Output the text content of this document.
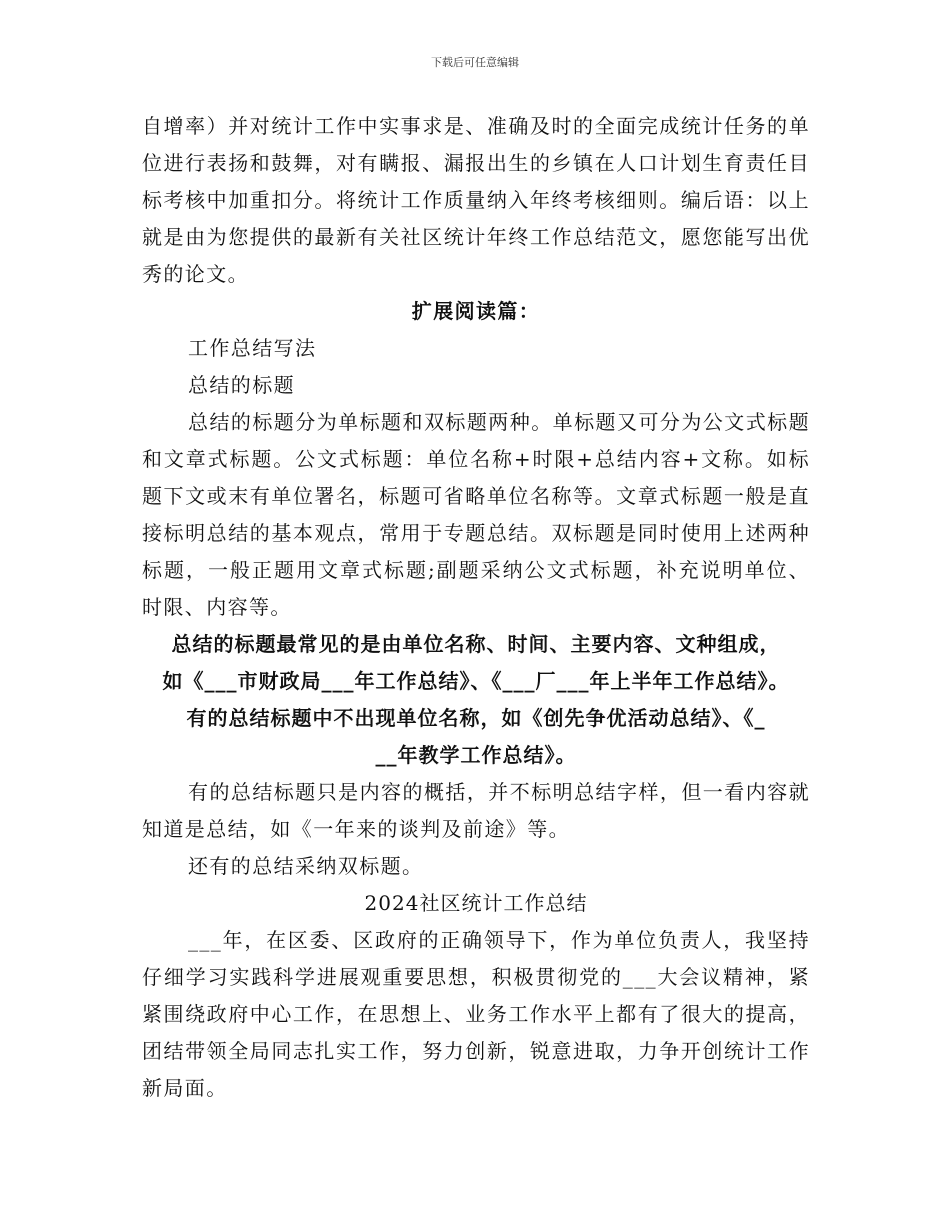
下载后可任意编辑

自增率）并对统计工作中实事求是、准确及时的全面完成统计任务的单位进行表扬和鼓舞，对有瞒报、漏报出生的乡镇在人口计划生育责任目标考核中加重扣分。将统计工作质量纳入年终考核细则。编后语：以上就是由为您提供的最新有关社区统计年终工作总结范文，愿您能写出优秀的论文。

扩展阅读篇：

工作总结写法

总结的标题

总结的标题分为单标题和双标题两种。单标题又可分为公文式标题和文章式标题。公文式标题：单位名称+时限+总结内容+文称。如标题下文或末有单位署名，标题可省略单位名称等。文章式标题一般是直接标明总结的基本观点，常用于专题总结。双标题是同时使用上述两种标题，一般正题用文章式标题;副题采纳公文式标题，补充说明单位、时限、内容等。

总结的标题最常见的是由单位名称、时间、主要内容、文种组成，

如《___市财政局___年工作总结》、《___厂___年上半年工作总结》。

有的总结标题中不出现单位名称，如《创先争优活动总结》、《_

__年教学工作总结》。

有的总结标题只是内容的概括，并不标明总结字样，但一看内容就知道是总结，如《一年来的谈判及前途》等。

还有的总结采纳双标题。

2024社区统计工作总结

___年，在区委、区政府的正确领导下，作为单位负责人，我坚持仔细学习实践科学进展观重要思想，积极贯彻党的___大会议精神，紧紧围绕政府中心工作，在思想上、业务工作水平上都有了很大的提高，团结带领全局同志扎实工作，努力创新，锐意进取，力争开创统计工作新局面。
